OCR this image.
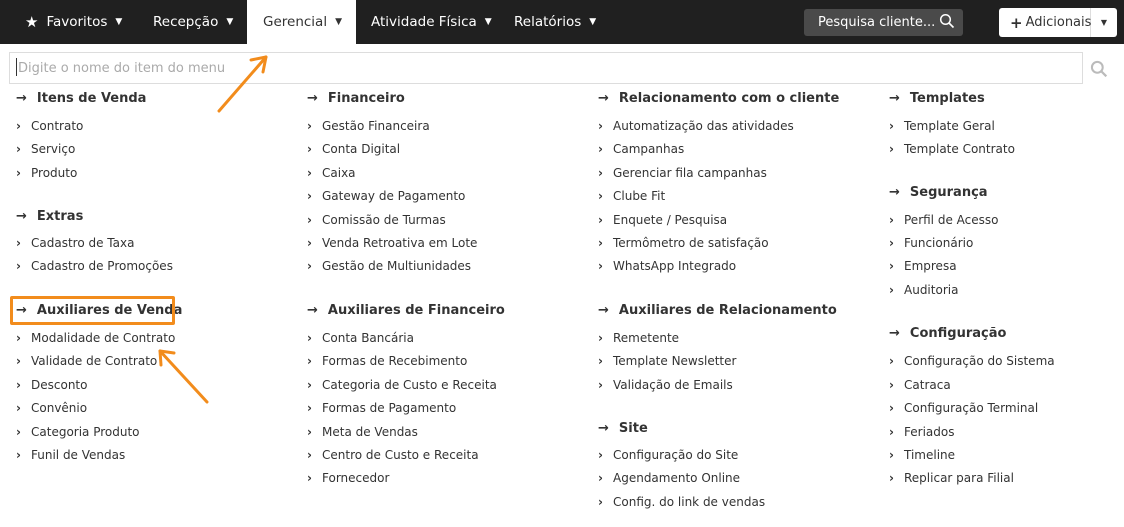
★ Favoritos ▼ Recepção ▼ Gerencial ▼ Atividade Física ▼ Relatórios ▼	Pesquisa cliente...	+ Adicionais	▼
Digite o nome do item do menu
→ Itens de Venda
› Contrato
› Serviço
› Produto
→ Extras
› Cadastro de Taxa
› Cadastro de Promoções
→ Auxiliares de Venda
› Modalidade de Contrato
› Validade de Contrato
› Desconto
› Convênio
› Categoria Produto
› Funil de Vendas
→ Financeiro
› Gestão Financeira
› Conta Digital
› Caixa
› Gateway de Pagamento
› Comissão de Turmas
› Venda Retroativa em Lote
› Gestão de Multiunidades
→ Auxiliares de Financeiro
› Conta Bancária
› Formas de Recebimento
› Categoria de Custo e Receita
› Formas de Pagamento
› Meta de Vendas
› Centro de Custo e Receita
› Fornecedor
→ Relacionamento com o cliente
› Automatização das atividades
› Campanhas
› Gerenciar fila campanhas
› Clube Fit
› Enquete / Pesquisa
› Termômetro de satisfação
› WhatsApp Integrado
→ Auxiliares de Relacionamento
› Remetente
› Template Newsletter
› Validação de Emails
→ Site
› Configuração do Site
› Agendamento Online
› Config. do link de vendas
→ Templates
› Template Geral
› Template Contrato
→ Segurança
› Perfil de Acesso
› Funcionário
› Empresa
› Auditoria
→ Configuração
› Configuração do Sistema
› Catraca
› Configuração Terminal
› Feriados
› Timeline
› Replicar para Filial
